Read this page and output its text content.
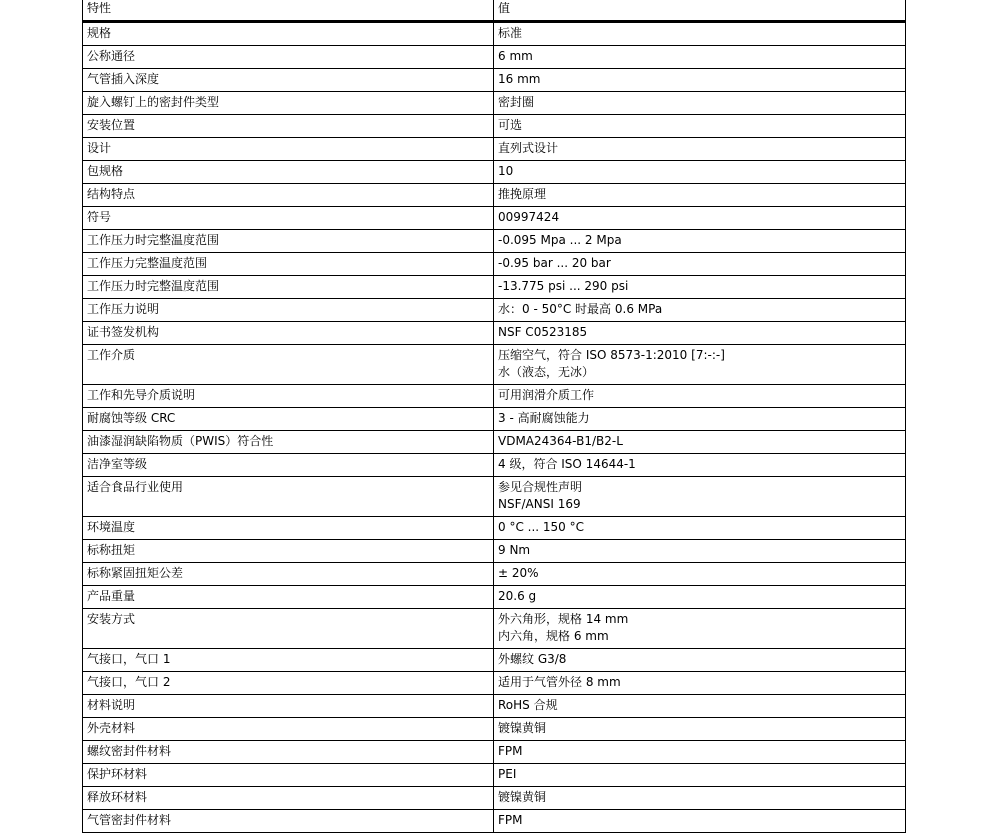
特性	值
规格	标准

公称通径	6 mm

气管插入深度	16 mm

旋入螺钉上的密封件类型	密封圈

安装位置	可选

设计	直列式设计

包规格	10

结构特点	推挽原理

符号	00997424

工作压力时完整温度范围	-0.095 Mpa ... 2 Mpa

工作压力完整温度范围	-0.95 bar ... 20 bar

工作压力时完整温度范围	-13.775 psi ... 290 psi

工作压力说明	水：0 - 50°C 时最高 0.6 MPa

证书签发机构	NSF C0523185

工作介质	压缩空气，符合 ISO 8573-1:2010 [7:-:-]
水（液态，无冰）

工作和先导介质说明	可用润滑介质工作

耐腐蚀等级 CRC	3 - 高耐腐蚀能力

油漆湿润缺陷物质（PWIS）符合性	VDMA24364-B1/B2-L

洁净室等级	4 级，符合 ISO 14644-1

适合食品行业使用	参见合规性声明
NSF/ANSI 169

环境温度	0 °C ... 150 °C

标称扭矩	9 Nm

标称紧固扭矩公差	± 20%

产品重量	20.6 g

安装方式	外六角形，规格 14 mm
内六角，规格 6 mm

气接口，气口 1	外螺纹 G3/8

气接口，气口 2	适用于气管外径 8 mm

材料说明	RoHS 合规

外壳材料	镀镍黄铜

螺纹密封件材料	FPM

保护环材料	PEI

释放环材料	镀镍黄铜

气管密封件材料	FPM
